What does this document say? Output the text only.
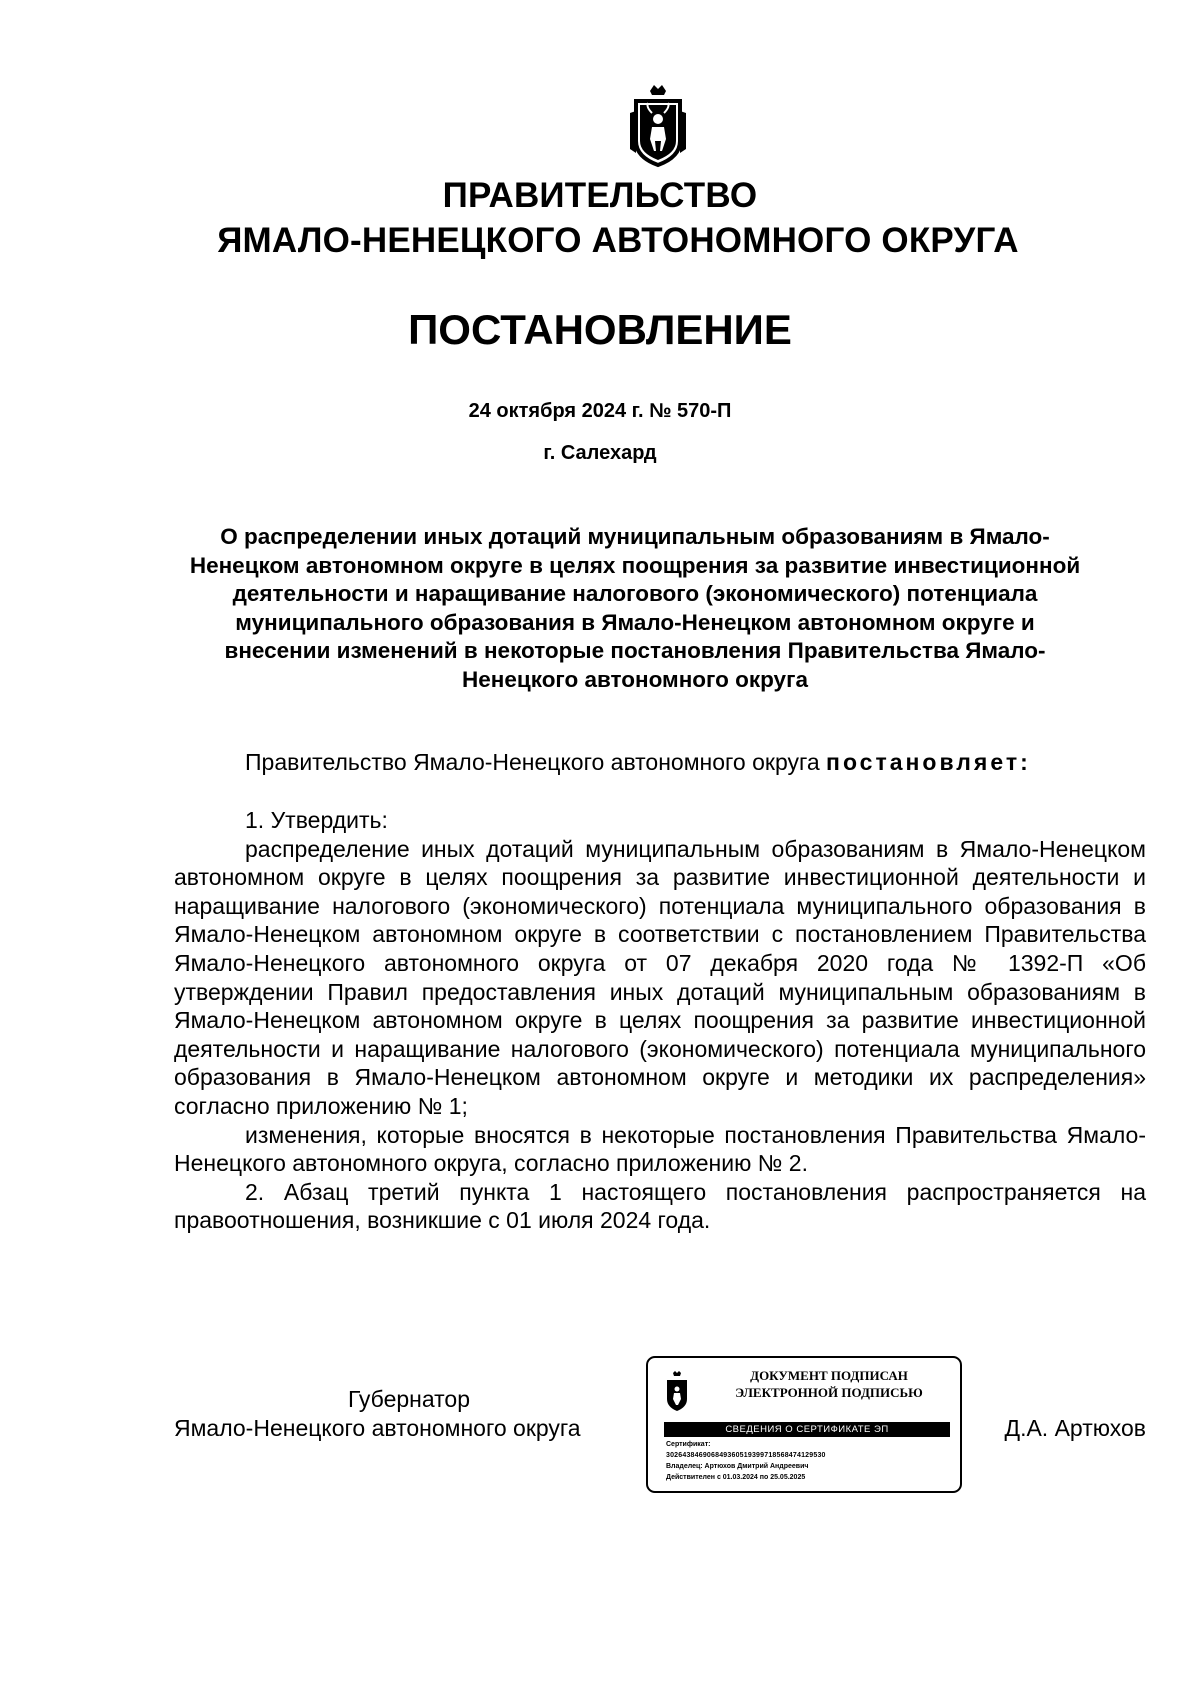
ПРАВИТЕЛЬСТВО
ЯМАЛО-НЕНЕЦКОГО АВТОНОМНОГО ОКРУГА
ПОСТАНОВЛЕНИЕ
24 октября 2024 г. № 570-П
г. Салехард
О распределении иных дотаций муниципальным образованиям в Ямало-Ненецком автономном округе в целях поощрения за развитие инвестиционной деятельности и наращивание налогового (экономического) потенциала муниципального образования в Ямало-Ненецком автономном округе и внесении изменений в некоторые постановления Правительства Ямало-Ненецкого автономного округа
Правительство Ямало-Ненецкого автономного округа постановляет:

1. Утвердить:

распределение иных дотаций муниципальным образованиям в Ямало-Ненецком автономном округе в целях поощрения за развитие инвестиционной деятельности и наращивание налогового (экономического) потенциала муниципального образования в Ямало-Ненецком автономном округе в соответствии с постановлением Правительства Ямало-Ненецкого автономного округа от 07 декабря 2020 года № 1392-П «Об утверждении Правил предоставления иных дотаций муниципальным образованиям в Ямало-Ненецком автономном округе в целях поощрения за развитие инвестиционной деятельности и наращивание налогового (экономического) потенциала муниципального образования в Ямало-Ненецком автономном округе и методики их распределения» согласно приложению № 1;

изменения, которые вносятся в некоторые постановления Правительства Ямало-Ненецкого автономного округа, согласно приложению № 2.

2. Абзац третий пункта 1 настоящего постановления распространяется на правоотношения, возникшие с 01 июля 2024 года.

Губернатор
Ямало-Ненецкого автономного округа
ДОКУМЕНТ ПОДПИСАН
ЭЛЕКТРОННОЙ ПОДПИСЬЮ
СВЕДЕНИЯ О СЕРТИФИКАТЕ ЭП
Сертификат:
30264384690684936051939971856847412953​0
Владелец: Артюхов Дмитрий Андреевич
Действителен с 01.03.2024 по 25.05.2025
Д.А. Артюхов
